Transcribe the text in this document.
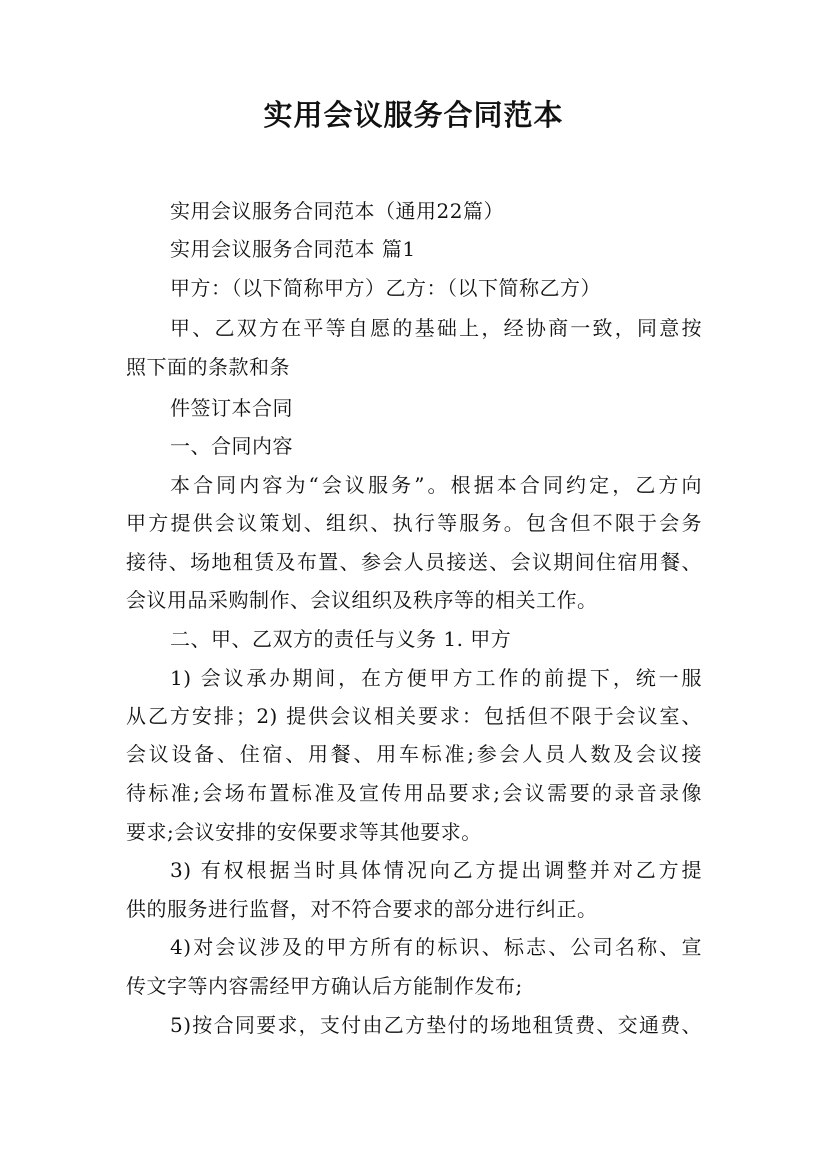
实用会议服务合同范本
实用会议服务合同范本（通用22篇）
实用会议服务合同范本 篇1
甲方：（以下简称甲方）乙方：（以下简称乙方）
甲、乙双方在平等自愿的基础上，经协商一致，同意按
照下面的条款和条
件签订本合同
一、合同内容
本合同内容为“会议服务”。根据本合同约定，乙方向
甲方提供会议策划、组织、执行等服务。包含但不限于会务
接待、场地租赁及布置、参会人员接送、会议期间住宿用餐、
会议用品采购制作、会议组织及秩序等的相关工作。
二、甲、乙双方的责任与义务 1. 甲方
1) 会议承办期间，在方便甲方工作的前提下，统一服
从乙方安排；2) 提供会议相关要求：包括但不限于会议室、
会议设备、住宿、用餐、用车标准;参会人员人数及会议接
待标准;会场布置标准及宣传用品要求;会议需要的录音录像
要求;会议安排的安保要求等其他要求。
3) 有权根据当时具体情况向乙方提出调整并对乙方提
供的服务进行监督，对不符合要求的部分进行纠正。
4)对会议涉及的甲方所有的标识、标志、公司名称、宣
传文字等内容需经甲方确认后方能制作发布;
5)按合同要求，支付由乙方垫付的场地租赁费、交通费、
